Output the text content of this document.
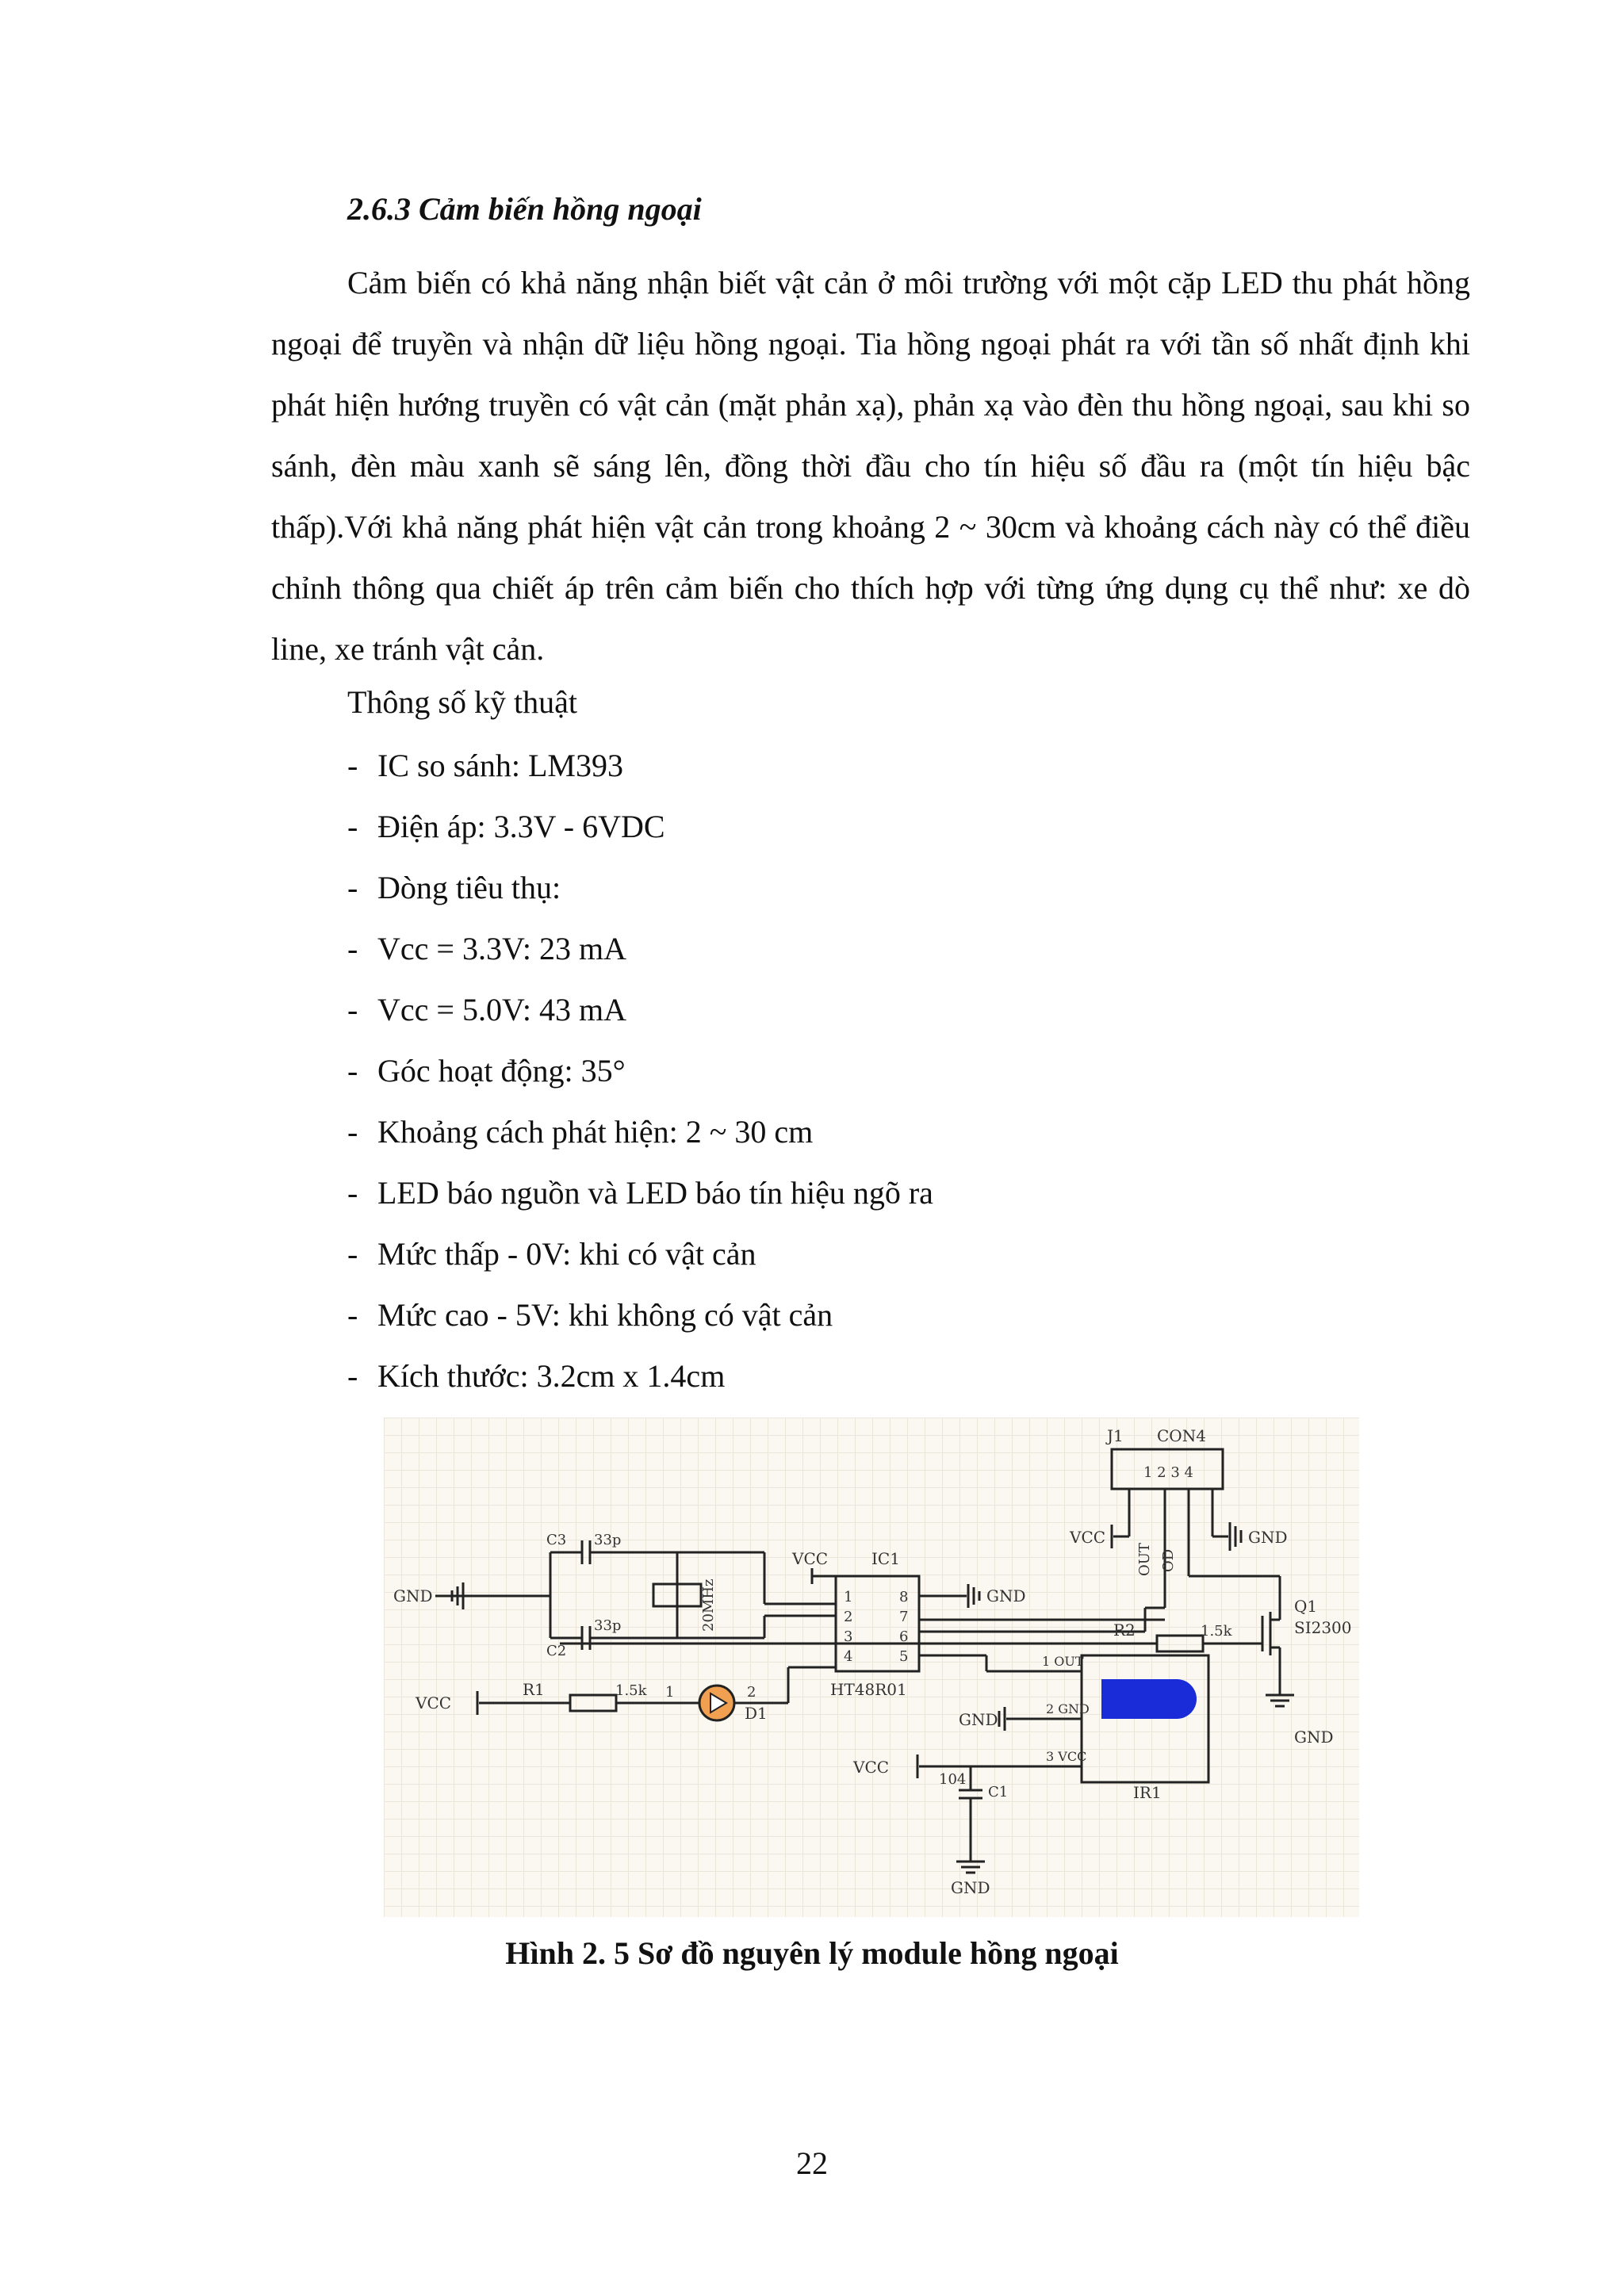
2.6.3 Cảm biến hồng ngoại
Cảm biến có khả năng nhận biết vật cản ở môi trường với một cặp LED thu phát hồng ngoại để truyền và nhận dữ liệu hồng ngoại. Tia hồng ngoại phát ra với tần số nhất định khi phát hiện hướng truyền có vật cản (mặt phản xạ), phản xạ vào đèn thu hồng ngoại, sau khi so sánh, đèn màu xanh sẽ sáng lên, đồng thời đầu cho tín hiệu số đầu ra (một tín hiệu bậc thấp).Với khả năng phát hiện vật cản trong khoảng 2 ~ 30cm và khoảng cách này có thể điều chỉnh thông qua chiết áp trên cảm biến cho thích hợp với từng ứng dụng cụ thể như: xe dò line, xe tránh vật cản.
Thông số kỹ thuật
- IC so sánh: LM393
- Điện áp: 3.3V - 6VDC
- Dòng tiêu thụ:
- Vcc = 3.3V: 23 mA
- Vcc = 5.0V: 43 mA
- Góc hoạt động: 35°
- Khoảng cách phát hiện: 2 ~ 30 cm
- LED báo nguồn và LED báo tín hiệu ngõ ra
- Mức thấp - 0V: khi có vật cản
- Mức cao - 5V: khi không có vật cản
- Kích thước: 3.2cm x 1.4cm
J1 CON4
1 2 3 4
VCC	GND
OUT OD
Q1
SI2300
GND
R2	1.5k
VCC	IC1
HT48R01
1
2
3
4
8
7
6
5
GND
GND
C3 33p
C2
33p	20MHz
VCC
R1	1.5k 1	2
D1
1 OUT
2 GND
3 VCC
GND
VCC
IR1
104
C1
GND
Hình 2. 5 Sơ đồ nguyên lý module hồng ngoại
22
